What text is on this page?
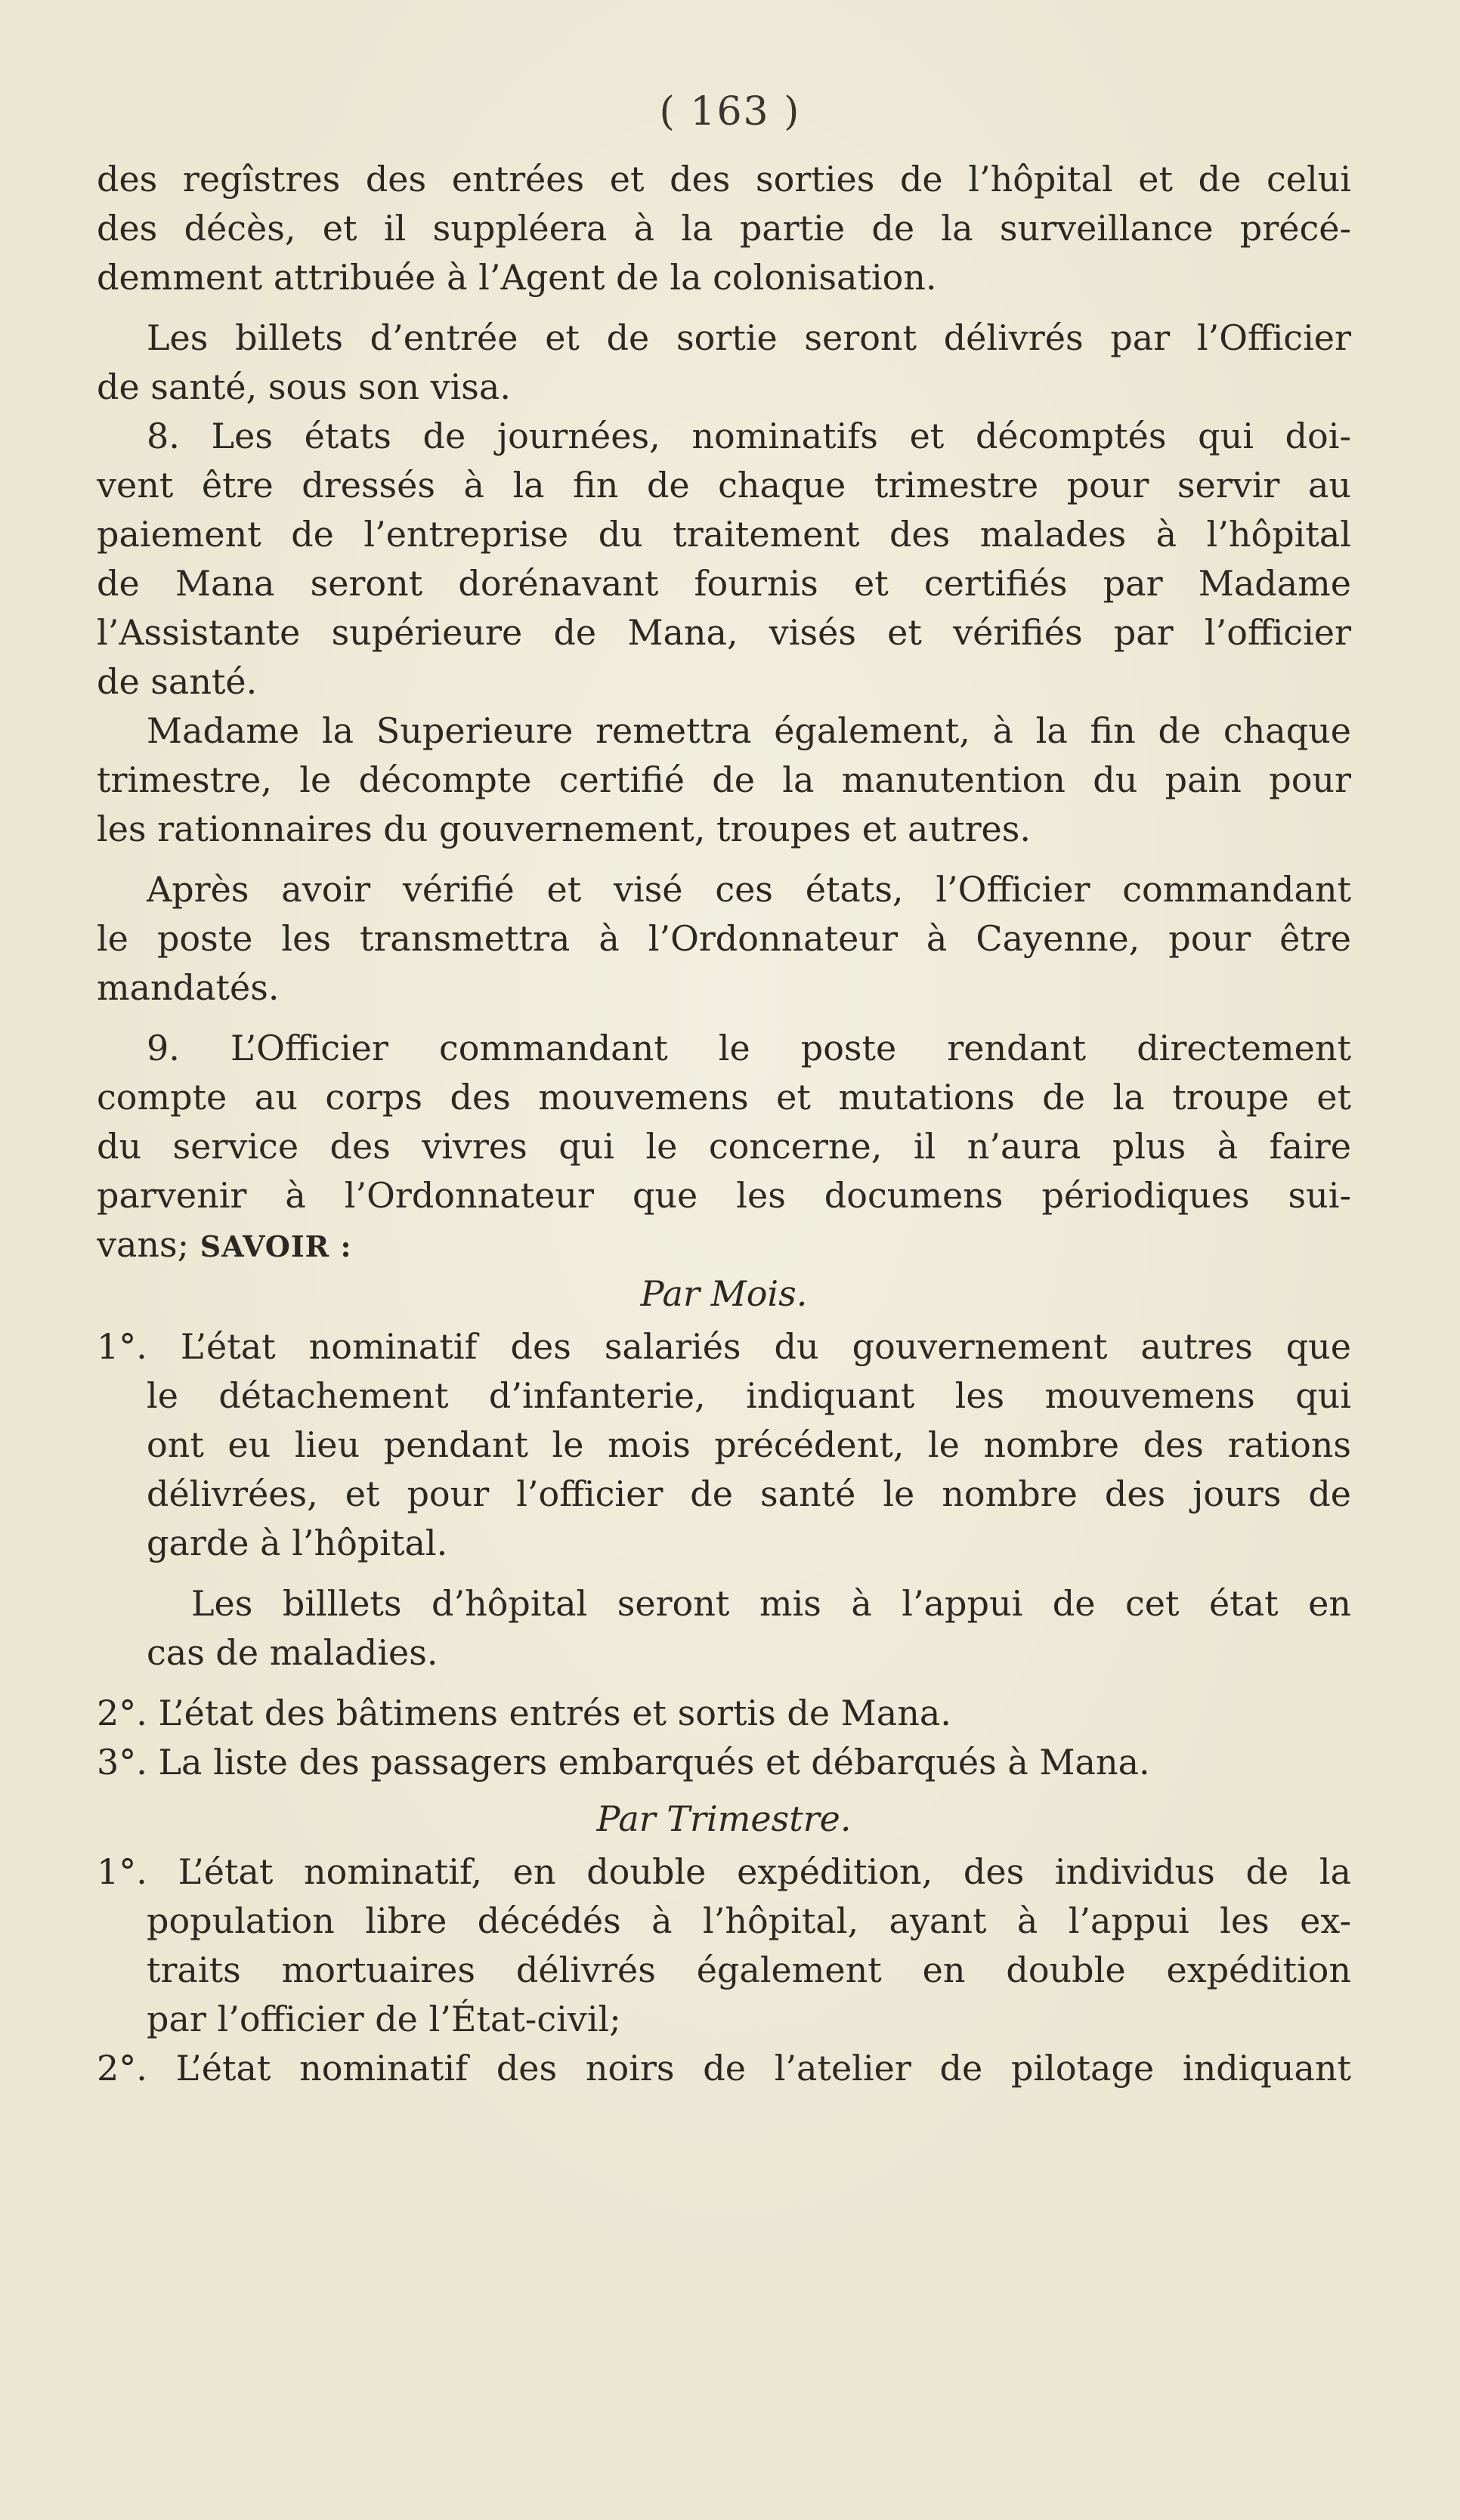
( 163 )
des regîstres des entrées et des sorties de l’hôpital et de celui
des décès, et il suppléera à la partie de la surveillance précé-
demment attribuée à l’Agent de la colonisation.
Les billets d’entrée et de sortie seront délivrés par l’Officier
de santé, sous son visa.
8. Les états de journées, nominatifs et décomptés qui doi-
vent être dressés à la fin de chaque trimestre pour servir au
paiement de l’entreprise du traitement des malades à l’hôpital
de Mana seront dorénavant fournis et certifiés par Madame
l’Assistante supérieure de Mana, visés et vérifiés par l’officier
de santé.
Madame la Superieure remettra également, à la fin de chaque
trimestre, le décompte certifié de la manutention du pain pour
les rationnaires du gouvernement, troupes et autres.
Après avoir vérifié et visé ces états, l’Officier commandant
le poste les transmettra à l’Ordonnateur à Cayenne, pour être
mandatés.
9. L’Officier commandant le poste rendant directement
compte au corps des mouvemens et mutations de la troupe et
du service des vivres qui le concerne, il n’aura plus à faire
parvenir à l’Ordonnateur que les documens périodiques sui-
vans; SAVOIR :
Par Mois.
1°. L’état nominatif des salariés du gouvernement autres que
le détachement d’infanterie, indiquant les mouvemens qui
ont eu lieu pendant le mois précédent, le nombre des rations
délivrées, et pour l’officier de santé le nombre des jours de
garde à l’hôpital.
Les billlets d’hôpital seront mis à l’appui de cet état en
cas de maladies.
2°. L’état des bâtimens entrés et sortis de Mana.
3°. La liste des passagers embarqués et débarqués à Mana.
Par Trimestre.
1°. L’état nominatif, en double expédition, des individus de la
population libre décédés à l’hôpital, ayant à l’appui les ex-
traits mortuaires délivrés également en double expédition
par l’officier de l’État-civil;
2°. L’état nominatif des noirs de l’atelier de pilotage indiquant
